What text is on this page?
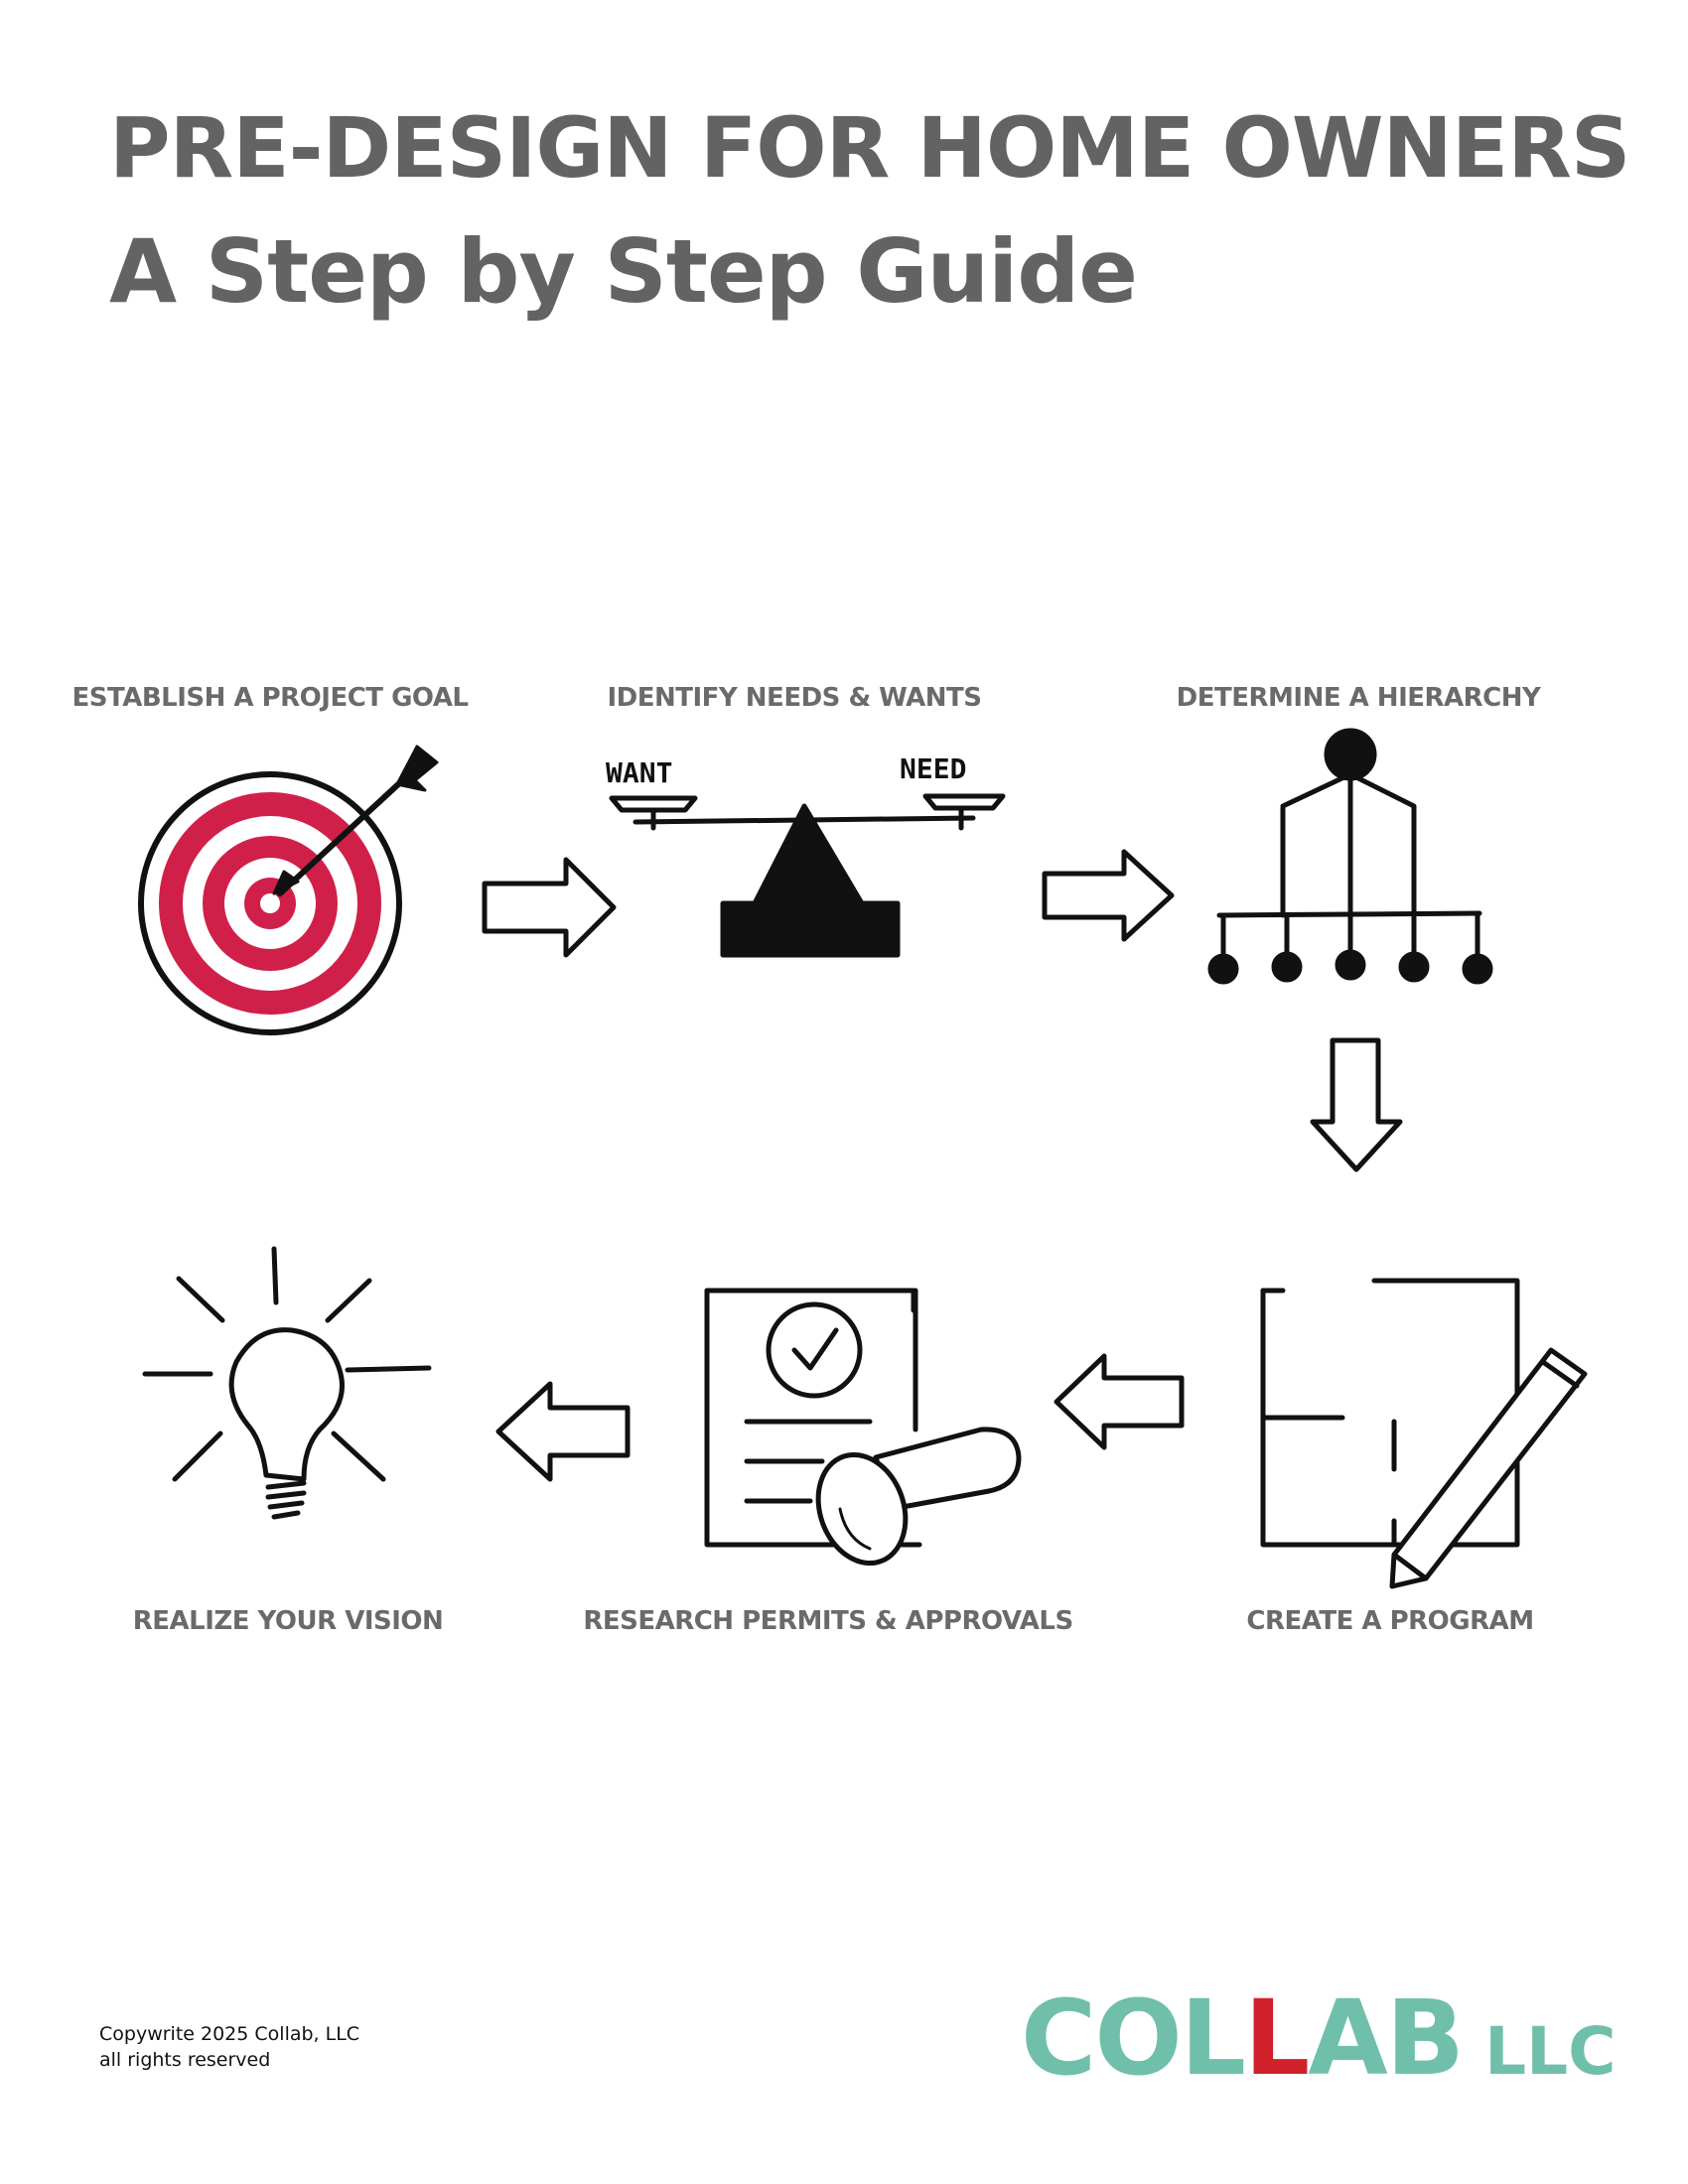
PRE-DESIGN FOR HOME OWNERS
A Step by Step Guide
ESTABLISH A PROJECT GOAL	IDENTIFY NEEDS & WANTS	DETERMINE A HIERARCHY
CREATE A PROGRAM
RESEARCH PERMITS & APPROVALS
REALIZE YOUR VISION
WANT	NEED
Copywrite 2025 Collab, LLC
all rights reserved	COLLAB LLC
